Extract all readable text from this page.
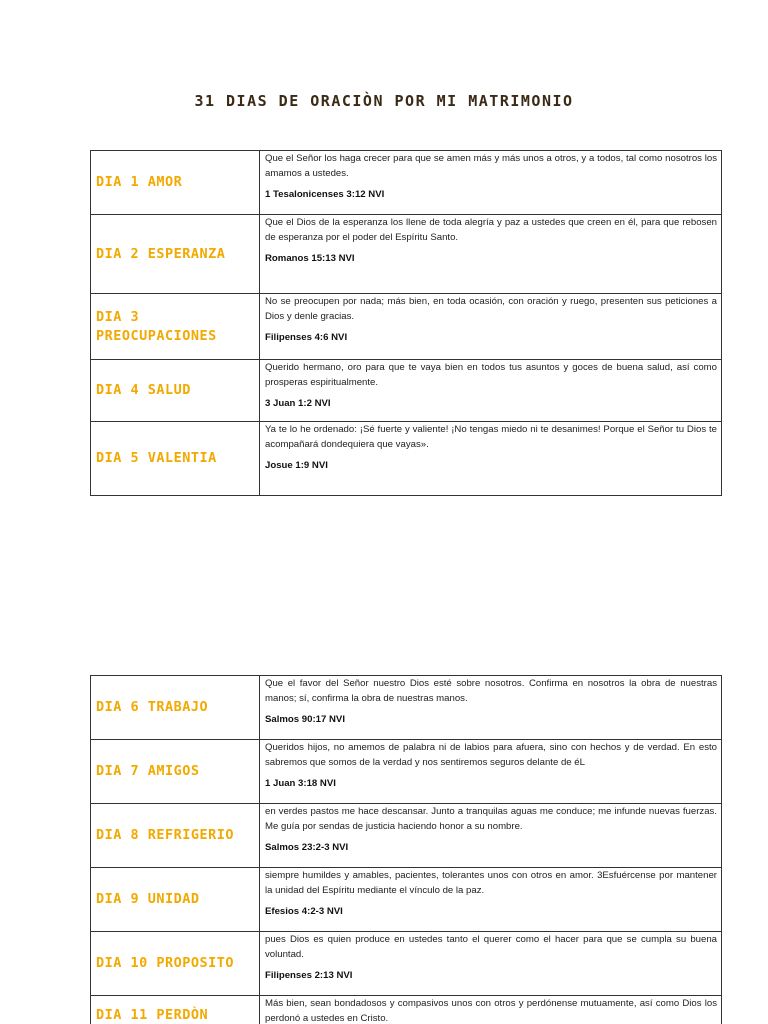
31 DIAS DE ORACIÒN POR MI MATRIMONIO
DIA 1 AMOR	Que el Señor los haga crecer para que se amen más y más unos a otros, y a todos, tal como nosotros los amamos a ustedes.
1 Tesalonicenses 3:12 NVI

DIA 2 ESPERANZA	Que el Dios de la esperanza los llene de toda alegría y paz a ustedes que creen en él, para que rebosen de esperanza por el poder del Espíritu Santo.
Romanos 15:13 NVI

DIA 3 PREOCUPACIONES	No se preocupen por nada; más bien, en toda ocasión, con oración y ruego, presenten sus peticiones a Dios y denle gracias.
Filipenses 4:6 NVI

DIA 4 SALUD	Querido hermano, oro para que te vaya bien en todos tus asuntos y goces de buena salud, así como prosperas espiritualmente.
3 Juan 1:2 NVI

DIA 5 VALENTIA	Ya te lo he ordenado: ¡Sé fuerte y valiente! ¡No tengas miedo ni te desanimes! Porque el Señor tu Dios te acompañará dondequiera que vayas».
Josue 1:9 NVI
DIA 6 TRABAJO	Que el favor del Señor nuestro Dios esté sobre nosotros. Confirma en nosotros la obra de nuestras manos; sí, confirma la obra de nuestras manos.
Salmos 90:17 NVI

DIA 7 AMIGOS	Queridos hijos, no amemos de palabra ni de labios para afuera, sino con hechos y de verdad. En esto sabremos que somos de la verdad y nos sentiremos seguros delante de éL
1 Juan 3:18 NVI

DIA 8 REFRIGERIO	en verdes pastos me hace descansar. Junto a tranquilas aguas me conduce; me infunde nuevas fuerzas. Me guía por sendas de justicia haciendo honor a su nombre.
Salmos 23:2-3 NVI

DIA 9 UNIDAD	siempre humildes y amables, pacientes, tolerantes unos con otros en amor. 3Esfuércense por mantener la unidad del Espíritu mediante el vínculo de la paz.
Efesios 4:2-3 NVI

DIA 10 PROPOSITO	pues Dios es quien produce en ustedes tanto el querer como el hacer para que se cumpla su buena voluntad.
Filipenses 2:13 NVI

DIA 11 PERDÒN	Más bien, sean bondadosos y compasivos unos con otros y perdónense mutuamente, así como Dios los perdonó a ustedes en Cristo.
